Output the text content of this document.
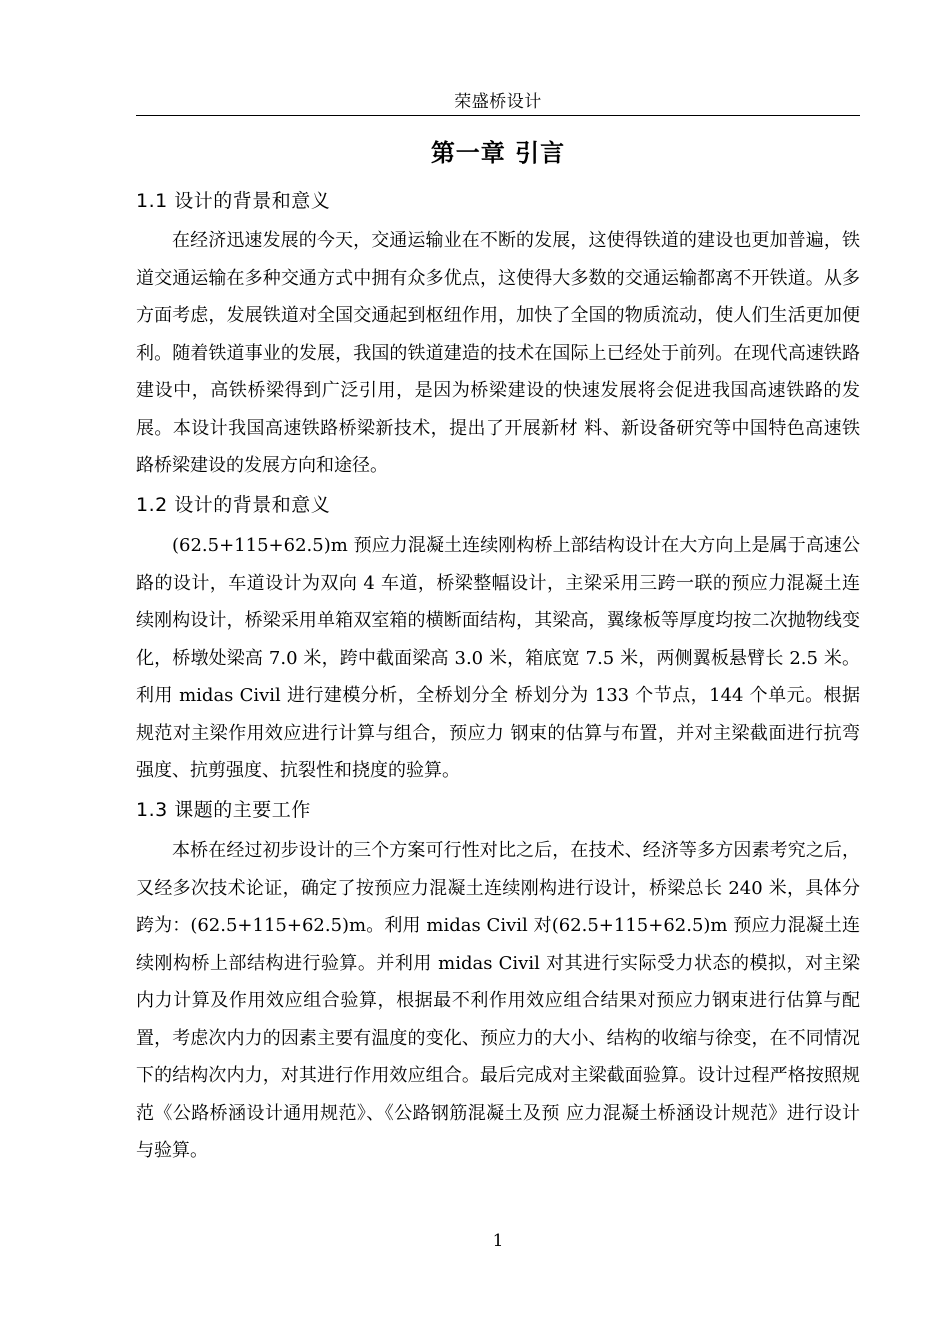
荣盛桥设计
第一章 引言
1.1 设计的背景和意义

在经济迅速发展的今天，交通运输业在不断的发展，这使得铁道的建设也更加普遍，铁道交通运输在多种交通方式中拥有众多优点，这使得大多数的交通运输都离不开铁道。从多方面考虑，发展铁道对全国交通起到枢纽作用，加快了全国的物质流动，使人们生活更加便利。随着铁道事业的发展，我国的铁道建造的技术在国际上已经处于前列。在现代高速铁路建设中，高铁桥梁得到广泛引用，是因为桥梁建设的快速发展将会促进我国高速铁路的发展。本设计我国高速铁路桥梁新技术，提出了开展新材 料、新设备研究等中国特色高速铁路桥梁建设的发展方向和途径。

1.2 设计的背景和意义

(62.5+115+62.5)m 预应力混凝土连续刚构桥上部结构设计在大方向上是属于高速公路的设计，车道设计为双向 4 车道，桥梁整幅设计，主梁采用三跨一联的预应力混凝土连续刚构设计，桥梁采用单箱双室箱的横断面结构，其梁高，翼缘板等厚度均按二次抛物线变化，桥墩处梁高 7.0 米，跨中截面梁高 3.0 米，箱底宽 7.5 米，两侧翼板悬臂长 2.5 米。利用 midas Civil 进行建模分析，全桥划分全 桥划分为 133 个节点，144 个单元。根据规范对主梁作用效应进行计算与组合，预应力 钢束的估算与布置，并对主梁截面进行抗弯强度、抗剪强度、抗裂性和挠度的验算。

1.3 课题的主要工作

本桥在经过初步设计的三个方案可行性对比之后，在技术、经济等多方因素考究之后，又经多次技术论证，确定了按预应力混凝土连续刚构进行设计，桥梁总长 240 米，具体分跨为：(62.5+115+62.5)m。利用 midas Civil 对(62.5+115+62.5)m 预应力混凝土连续刚构桥上部结构进行验算。并利用 midas Civil 对其进行实际受力状态的模拟，对主梁内力计算及作用效应组合验算，根据最不利作用效应组合结果对预应力钢束进行估算与配置，考虑次内力的因素主要有温度的变化、预应力的大小、结构的收缩与徐变，在不同情况下的结构次内力，对其进行作用效应组合。最后完成对主梁截面验算。设计过程严格按照规范《公路桥涵设计通用规范》、《公路钢筋混凝土及预 应力混凝土桥涵设计规范》进行设计与验算。

1
